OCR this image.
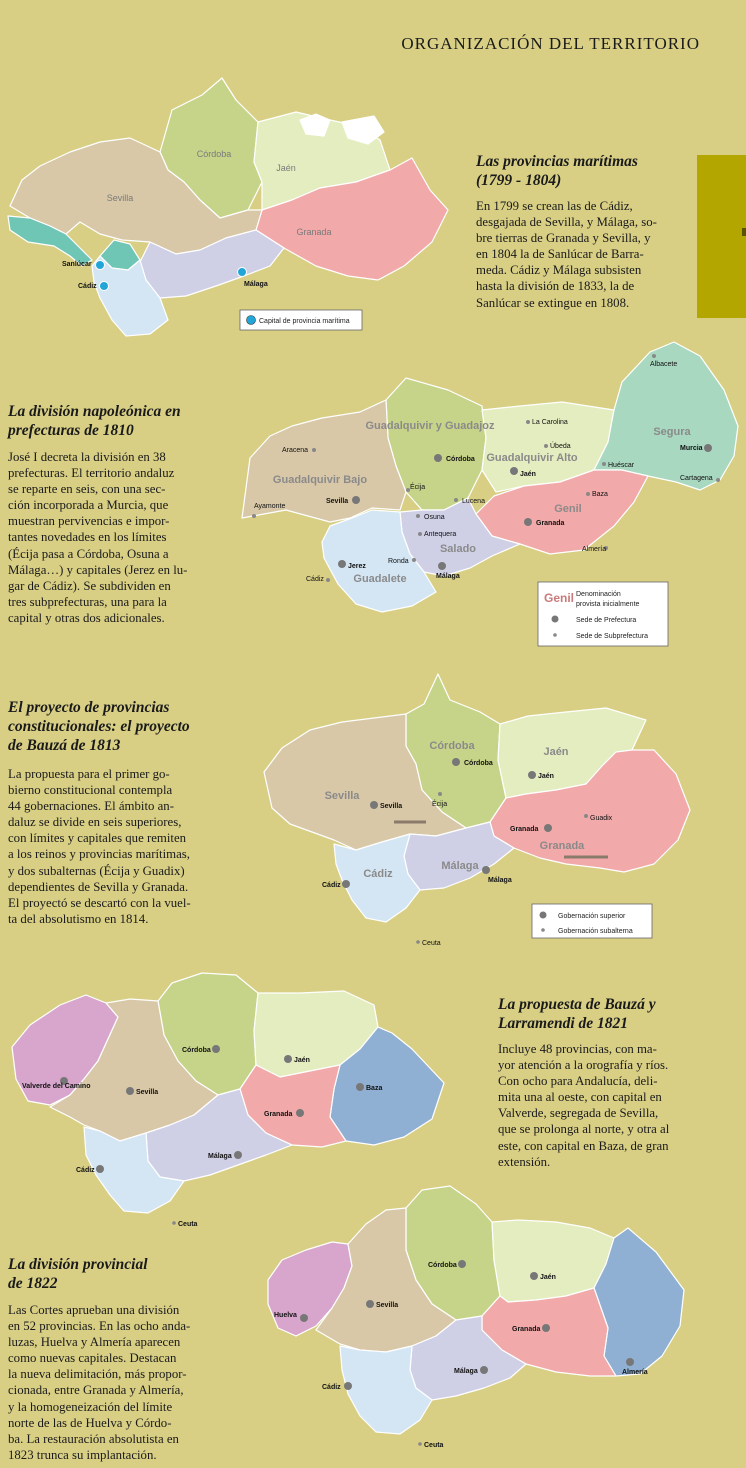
ORGANIZACIÓN DEL TERRITORIO
Las provincias marítimas
(1799 - 1804)
En 1799 se crean las de Cádiz,
desgajada de Sevilla, y Málaga, so-
bre tierras de Granada y Sevilla, y
en 1804 la de Sanlúcar de Barra-
meda. Cádiz y Málaga subsisten
hasta la división de 1833, la de
Sanlúcar se extingue en 1808.
Sevilla
Córdoba
Jaén
Granada
Sanlúcar
Cádiz	Málaga
Capital de provincia marítima
La división napoleónica en
prefecturas de 1810
José I decreta la división en 38
prefecturas. El territorio andaluz
se reparte en seis, con una sec-
ción incorporada a Murcia, que
muestran pervivencias e impor-
tantes novedades en los límites
(Écija pasa a Córdoba, Osuna a
Málaga…) y capitales (Jerez en lu-
gar de Cádiz). Se subdividen en
tres subprefecturas, una para la
capital y otras dos adicionales.
Guadalquivir y Guadajoz
Guadalquivir Alto
Segura
Guadalquivir Bajo
Genil
Salado
Guadalete
Córdoba
Jaén
Murcia
Sevilla
Granada
Jerez
Málaga
Albacete
La Carolina
Úbeda
Huéscar
Cartagena
Aracena
Écija
Lucena
Baza
Ayamonte
Osuna
Antequera
Almería
Ronda
Cádiz
Genil Denominación
provista inicialmente
Sede de Prefectura
Sede de Subprefectura
El proyecto de provincias
constitucionales: el proyecto
de Bauzá de 1813
La propuesta para el primer go-
bierno constitucional contempla
44 gobernaciones. El ámbito an-
daluz se divide en seis superiores,
con límites y capitales que remiten
a los reinos y provincias marítimas,
y dos subalternas (Écija y Guadix)
dependientes de Sevilla y Granada.
El proyectó se descartó con la vuel-
ta del absolutismo en 1814.
Córdoba	Jaén
Sevilla
Granada
Málaga
Cádiz
Córdoba
Jaén
Sevilla
Granada
Málaga
Cádiz
Écija
Guadix
Ceuta
Gobernación superior
Gobernación subalterna
La propuesta de Bauzá y
Larramendi de 1821
Incluye 48 provincias, con ma-
yor atención a la orografía y ríos.
Con ocho para Andalucía, deli-
mita una al oeste, con capital en
Valverde, segregada de Sevilla,
que se prolonga al norte, y otra al
este, con capital en Baza, de gran
extensión.
Valverde del Camino
Córdoba
Jaén
Sevilla
Baza
Granada
Málaga
Cádiz
Ceuta
La división provincial
de 1822
Las Cortes aprueban una división
en 52 provincias. En las ocho anda-
luzas, Huelva y Almería aparecen
como nuevas capitales. Destacan
la nueva delimitación, más propor-
cionada, entre Granada y Almería,
y la homogeneización del límite
norte de las de Huelva y Córdo-
ba. La restauración absolutista en
1823 trunca su implantación.
Córdoba
Jaén
Sevilla
Huelva
Granada
Almería
Málaga
Cádiz
Ceuta
